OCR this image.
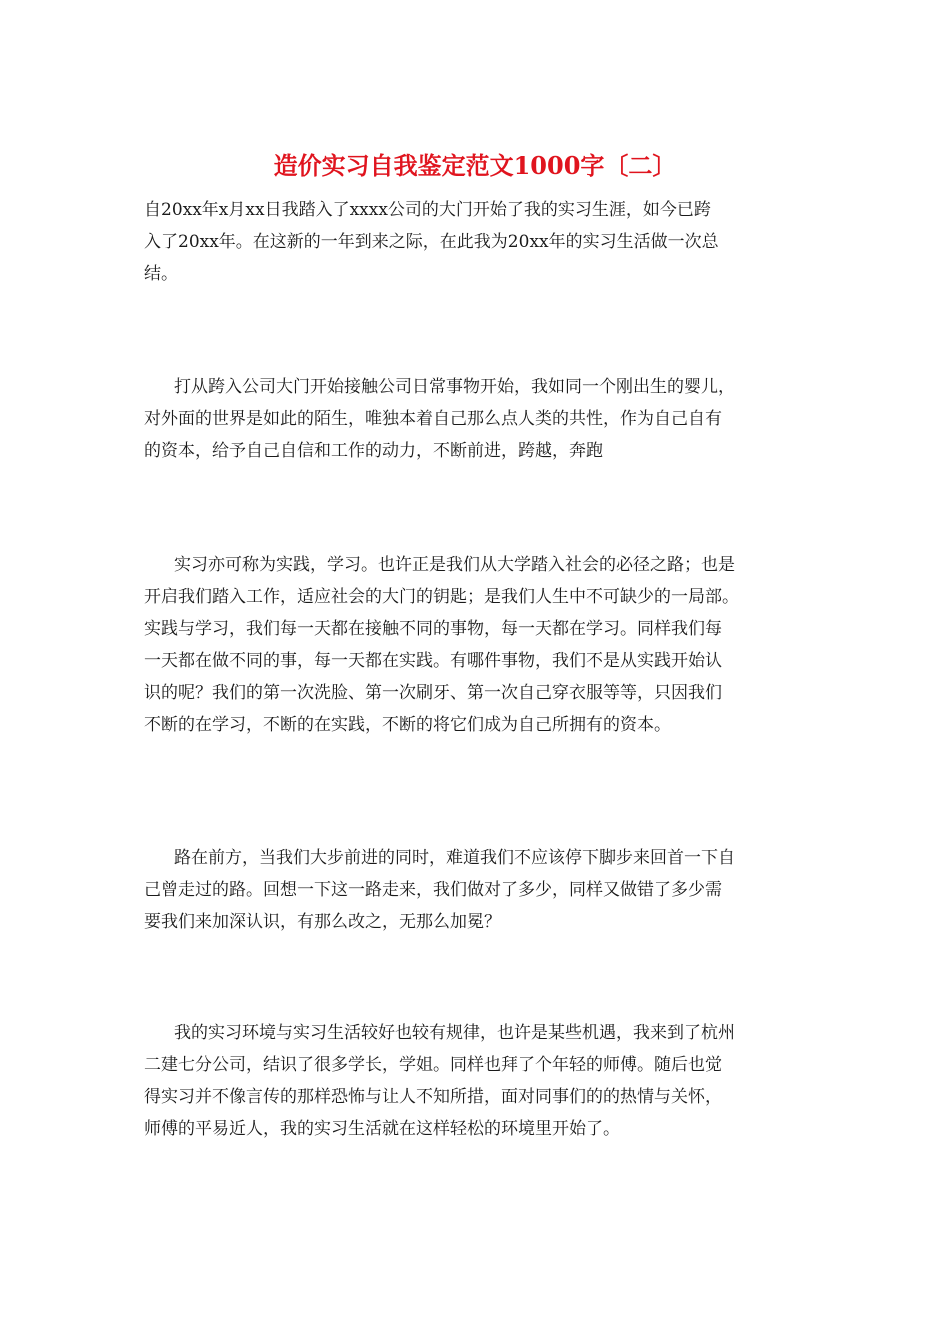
造价实习自我鉴定范文1000字〔二〕
自20xx年x月xx日我踏入了xxxx公司的大门开始了我的实习生涯，如今已跨
入了20xx年。在这新的一年到来之际，在此我为20xx年的实习生活做一次总
结。
打从跨入公司大门开始接触公司日常事物开始，我如同一个刚出生的婴儿，
对外面的世界是如此的陌生，唯独本着自己那么点人类的共性，作为自己自有
的资本，给予自己自信和工作的动力，不断前进，跨越，奔跑
实习亦可称为实践，学习。也许正是我们从大学踏入社会的必径之路；也是
开启我们踏入工作，适应社会的大门的钥匙；是我们人生中不可缺少的一局部。
实践与学习，我们每一天都在接触不同的事物，每一天都在学习。同样我们每
一天都在做不同的事，每一天都在实践。有哪件事物，我们不是从实践开始认
识的呢？我们的第一次洗脸、第一次刷牙、第一次自己穿衣服等等，只因我们
不断的在学习，不断的在实践，不断的将它们成为自己所拥有的资本。
路在前方，当我们大步前进的同时，难道我们不应该停下脚步来回首一下自
己曾走过的路。回想一下这一路走来，我们做对了多少，同样又做错了多少需
要我们来加深认识，有那么改之，无那么加冕？
我的实习环境与实习生活较好也较有规律，也许是某些机遇，我来到了杭州
二建七分公司，结识了很多学长，学姐。同样也拜了个年轻的师傅。随后也觉
得实习并不像言传的那样恐怖与让人不知所措，面对同事们的的热情与关怀，
师傅的平易近人，我的实习生活就在这样轻松的环境里开始了。
